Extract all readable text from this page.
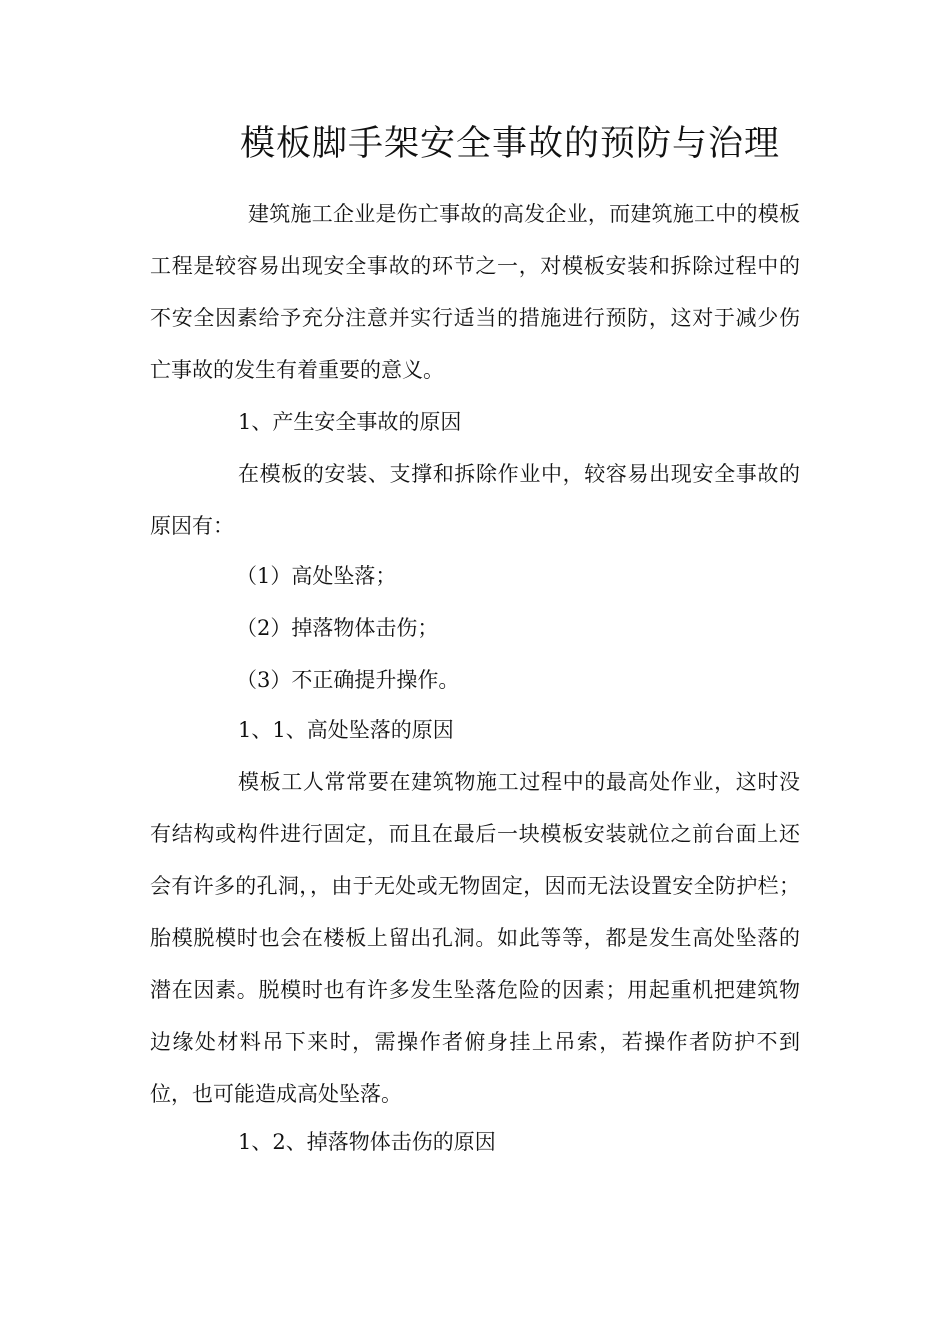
模板脚手架安全事故的预防与治理

建筑施工企业是伤亡事故的高发企业，而建筑施工中的模板工程是较容易出现安全事故的环节之一，对模板安装和拆除过程中的不安全因素给予充分注意并实行适当的措施进行预防，这对于减少伤亡事故的发生有着重要的意义。

1、产生安全事故的原因

在模板的安装、支撑和拆除作业中，较容易出现安全事故的原因有：

（1）高处坠落；

（2）掉落物体击伤；

（3）不正确提升操作。

1、1、高处坠落的原因

模板工人常常要在建筑物施工过程中的最高处作业，这时没有结构或构件进行固定，而且在最后一块模板安装就位之前台面上还会有许多的孔洞，，由于无处或无物固定，因而无法设置安全防护栏；胎模脱模时也会在楼板上留出孔洞。如此等等，都是发生高处坠落的潜在因素。脱模时也有许多发生坠落危险的因素；用起重机把建筑物边缘处材料吊下来时，需操作者俯身挂上吊索，若操作者防护不到位，也可能造成高处坠落。

1、2、掉落物体击伤的原因
